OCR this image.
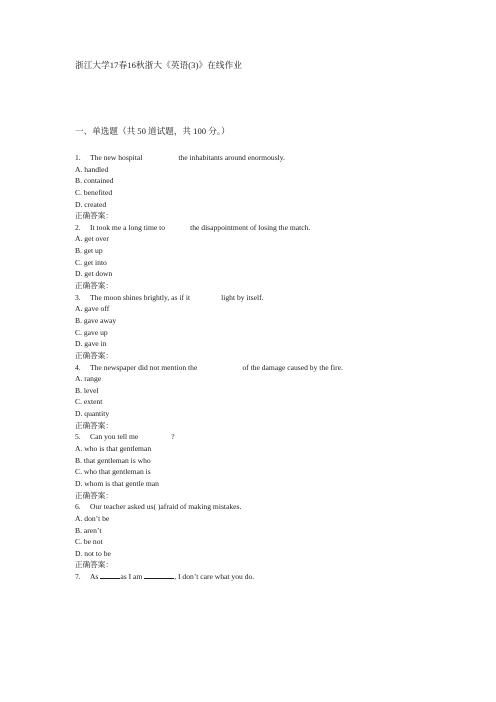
浙江大学17春16秋浙大《英语(3)》在线作业
一、单选题（共 50 道试题，共 100 分。）
1. The new hospital	the inhabitants around enormously.
A. handled
B. contained
C. benefited
D. created
正确答案：
2. It took me a long time to	the disappointment of losing the match.
A. get over
B. get up
C. get into
D. get down
正确答案：
3. The moon shines brightly, as if it	light by itself.
A. gave off
B. gave away
C. gave up
D. gave in
正确答案：
4. The newspaper did not mention the	of the damage caused by the fire.
A. range
B. level
C. extent
D. quantity
正确答案：
5. Can you tell me	?
A. who is that gentleman
B. that gentleman is who
C. who that gentleman is
D. whom is that gentle man
正确答案：
6. Our teacher asked us( )afraid of making mistakes.
A. don’t be
B. aren’t
C. be not
D. not to be
正确答案：
7. As	as I am	, I don’t care what you do.
